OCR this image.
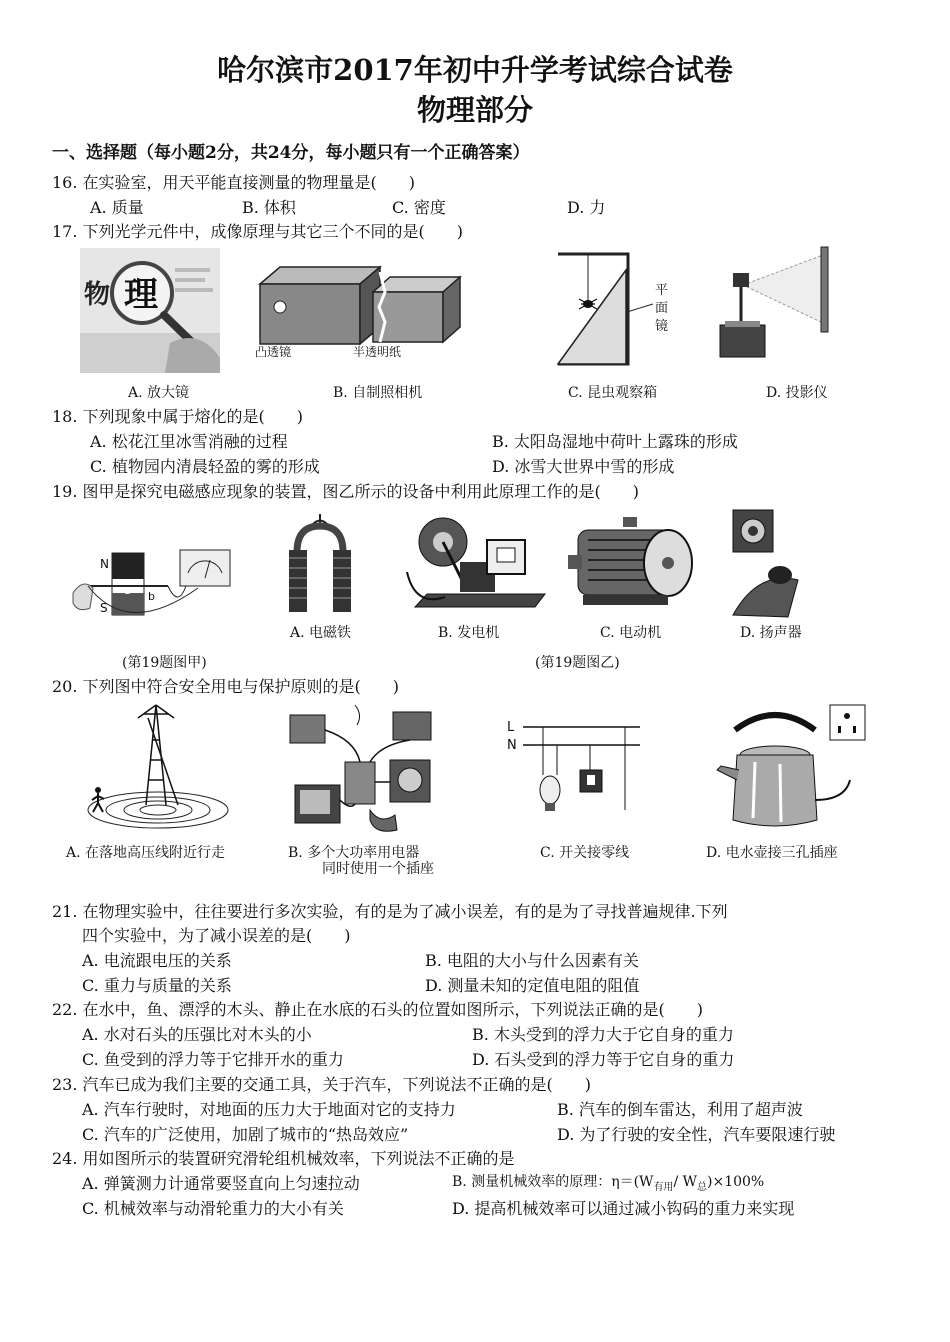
哈尔滨市2017年初中升学考试综合试卷
物理部分
一、选择题（每小题2分，共24分，每小题只有一个正确答案）
16. 在实验室，用天平能直接测量的物理量是(　　)
A. 质量	B. 体积	C. 密度	D. 力
17. 下列光学元件中，成像原理与其它三个不同的是(　　)
物 理
凸透镜	半透明纸
平
面
镜
A. 放大镜	B. 自制照相机	C. 昆虫观察箱	D. 投影仪
18. 下列现象中属于熔化的是(　　)
A. 松花江里冰雪消融的过程	B. 太阳岛湿地中荷叶上露珠的形成
C. 植物园内清晨轻盈的雾的形成	D. 冰雪大世界中雪的形成
19. 图甲是探究电磁感应现象的装置，图乙所示的设备中利用此原理工作的是(　　)
N
S
a b
(第19题图甲)
A. 电磁铁	B. 发电机	C. 电动机	D. 扬声器
(第19题图乙)
20. 下列图中符合安全用电与保护原则的是(　　)
L
N
A. 在落地高压线附近行走	B. 多个大功率用电器
同时使用一个插座
C. 开关接零线	D. 电水壶接三孔插座
21. 在物理实验中，往往要进行多次实验，有的是为了减小误差，有的是为了寻找普遍规律.下列
四个实验中，为了减小误差的是(　　)
A. 电流跟电压的关系	B. 电阻的大小与什么因素有关
C. 重力与质量的关系	D. 测量未知的定值电阻的阻值
22. 在水中，鱼、漂浮的木头、静止在水底的石头的位置如图所示，下列说法正确的是(　　)
A. 水对石头的压强比对木头的小	B. 木头受到的浮力大于它自身的重力
C. 鱼受到的浮力等于它排开水的重力	D. 石头受到的浮力等于它自身的重力
23. 汽车已成为我们主要的交通工具，关于汽车，下列说法不正确的是(　　)
A. 汽车行驶时，对地面的压力大于地面对它的支持力	B. 汽车的倒车雷达，利用了超声波
C. 汽车的广泛使用，加剧了城市的“热岛效应”	D. 为了行驶的安全性，汽车要限速行驶
24. 用如图所示的装置研究滑轮组机械效率，下列说法不正确的是
A. 弹簧测力计通常要竖直向上匀速拉动	B. 测量机械效率的原理：$\eta=(W_{有用}/$ $W_总)\times 100\%$
C. 机械效率与动滑轮重力的大小有关	D. 提高机械效率可以通过减小钩码的重力来实现
